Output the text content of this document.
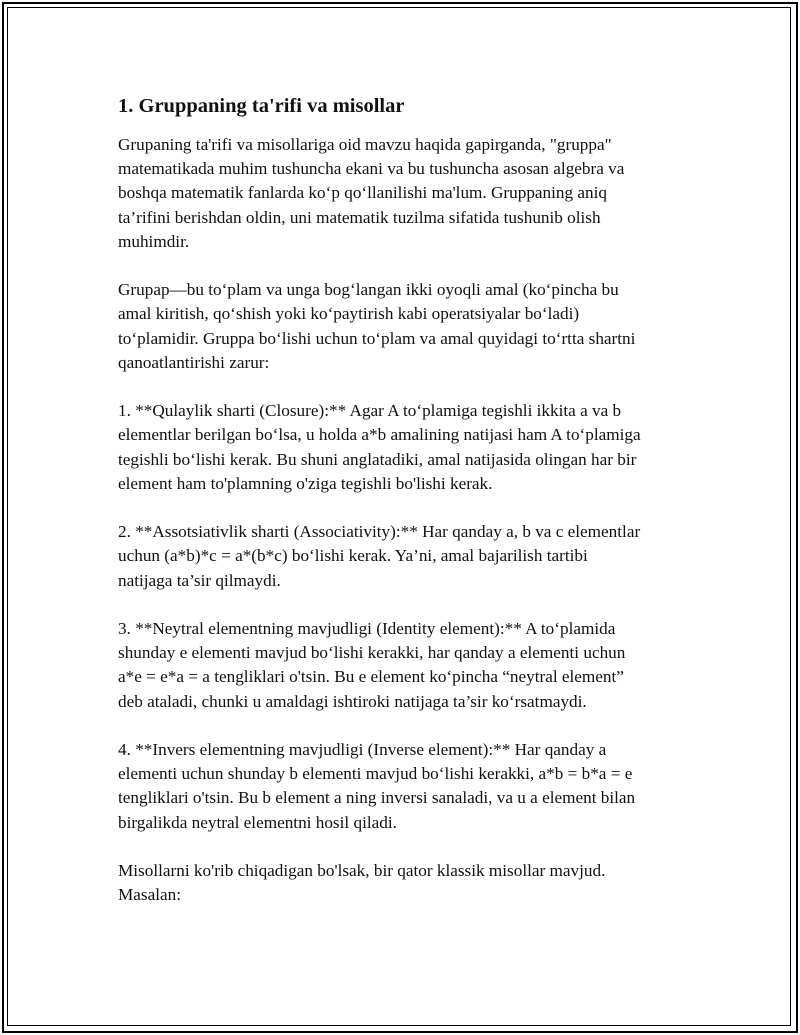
1. Gruppaning ta'rifi va misollar
Grupaning ta'rifi va misollariga oid mavzu haqida gapirganda, "gruppa"
matematikada muhim tushuncha ekani va bu tushuncha asosan algebra va
boshqa matematik fanlarda ko‘p qo‘llanilishi ma'lum. Gruppaning aniq
ta’rifini berishdan oldin, uni matematik tuzilma sifatida tushunib olish
muhimdir.
Grupap—bu to‘plam va unga bog‘langan ikki oyoqli amal (ko‘pincha bu
amal kiritish, qo‘shish yoki ko‘paytirish kabi operatsiyalar bo‘ladi)
to‘plamidir. Gruppa bo‘lishi uchun to‘plam va amal quyidagi to‘rtta shartni
qanoatlantirishi zarur:
1. **Qulaylik sharti (Closure):** Agar A to‘plamiga tegishli ikkita a va b
elementlar berilgan bo‘lsa, u holda a*b amalining natijasi ham A to‘plamiga
tegishli bo‘lishi kerak. Bu shuni anglatadiki, amal natijasida olingan har bir
element ham to'plamning o'ziga tegishli bo'lishi kerak.
2. **Assotsiativlik sharti (Associativity):** Har qanday a, b va c elementlar
uchun (a*b)*c = a*(b*c) bo‘lishi kerak. Ya’ni, amal bajarilish tartibi
natijaga ta’sir qilmaydi.
3. **Neytral elementning mavjudligi (Identity element):** A to‘plamida
shunday e elementi mavjud bo‘lishi kerakki, har qanday a elementi uchun
a*e = e*a = a tengliklari o'tsin. Bu e element ko‘pincha “neytral element”
deb ataladi, chunki u amaldagi ishtiroki natijaga ta’sir ko‘rsatmaydi.
4. **Invers elementning mavjudligi (Inverse element):** Har qanday a
elementi uchun shunday b elementi mavjud bo‘lishi kerakki, a*b = b*a = e
tengliklari o'tsin. Bu b element a ning inversi sanaladi, va u a element bilan
birgalikda neytral elementni hosil qiladi.
Misollarni ko'rib chiqadigan bo'lsak, bir qator klassik misollar mavjud.
Masalan:
